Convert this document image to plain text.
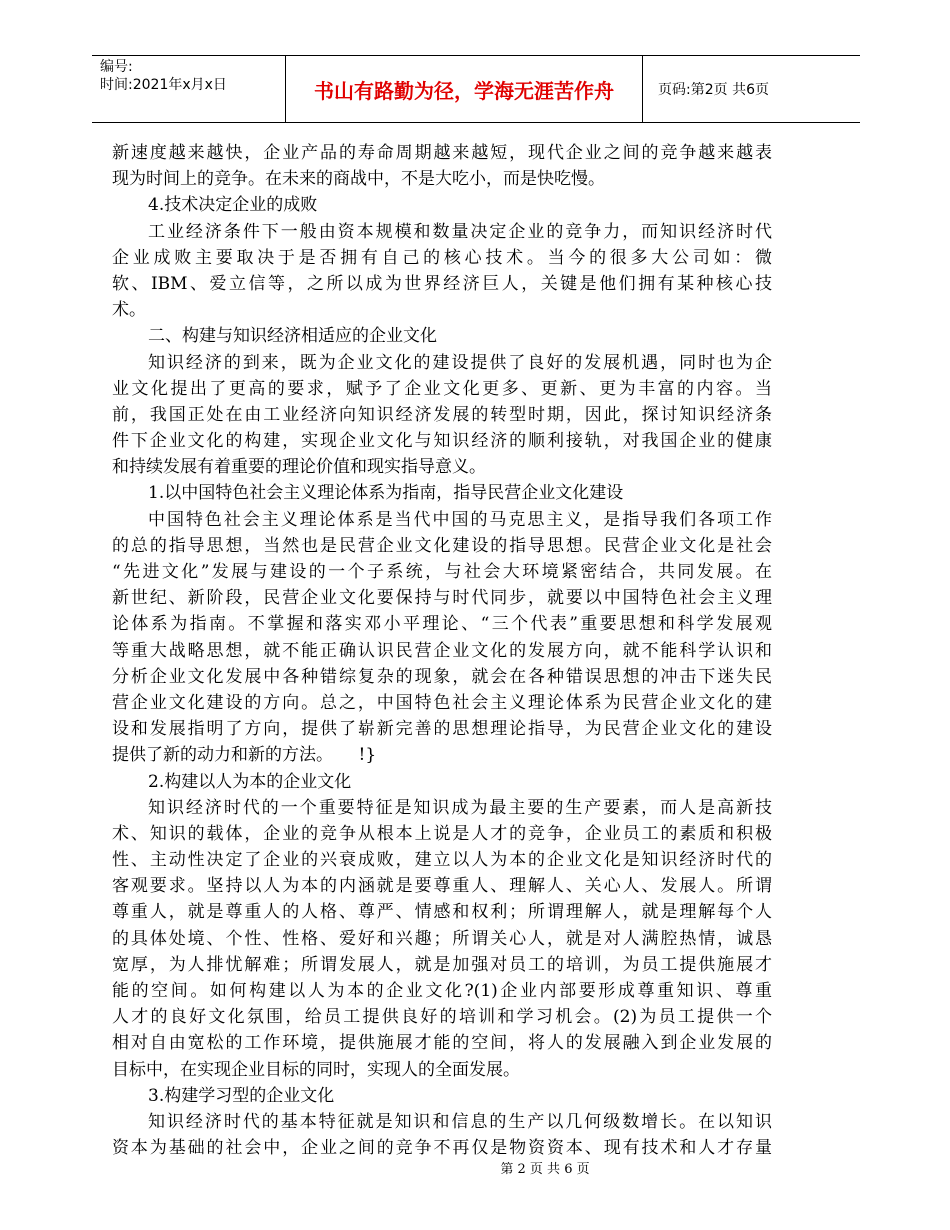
编号:
时间:2021年x月x日	书山有路勤为径，学海无涯苦作舟	页码:第2页 共6页
新速度越来越快，企业产品的寿命周期越来越短，现代企业之间的竞争越来越表
现为时间上的竞争。在未来的商战中，不是大吃小，而是快吃慢。
4.技术决定企业的成败
工业经济条件下一般由资本规模和数量决定企业的竞争力，而知识经济时代
企业成败主要取决于是否拥有自己的核心技术。当今的很多大公司如：微
软、IBM、爱立信等，之所以成为世界经济巨人，关键是他们拥有某种核心技
术。
二、构建与知识经济相适应的企业文化
知识经济的到来，既为企业文化的建设提供了良好的发展机遇，同时也为企
业文化提出了更高的要求，赋予了企业文化更多、更新、更为丰富的内容。当
前，我国正处在由工业经济向知识经济发展的转型时期，因此，探讨知识经济条
件下企业文化的构建，实现企业文化与知识经济的顺利接轨，对我国企业的健康
和持续发展有着重要的理论价值和现实指导意义。
1.以中国特色社会主义理论体系为指南，指导民营企业文化建设
中国特色社会主义理论体系是当代中国的马克思主义，是指导我们各项工作
的总的指导思想，当然也是民营企业文化建设的指导思想。民营企业文化是社会
“先进文化”发展与建设的一个子系统，与社会大环境紧密结合，共同发展。在
新世纪、新阶段，民营企业文化要保持与时代同步，就要以中国特色社会主义理
论体系为指南。不掌握和落实邓小平理论、“三个代表”重要思想和科学发展观
等重大战略思想，就不能正确认识民营企业文化的发展方向，就不能科学认识和
分析企业文化发展中各种错综复杂的现象，就会在各种错误思想的冲击下迷失民
营企业文化建设的方向。总之，中国特色社会主义理论体系为民营企业文化的建
设和发展指明了方向，提供了崭新完善的思想理论指导，为民营企业文化的建设
提供了新的动力和新的方法。　　!}
2.构建以人为本的企业文化
知识经济时代的一个重要特征是知识成为最主要的生产要素，而人是高新技
术、知识的载体，企业的竞争从根本上说是人才的竞争，企业员工的素质和积极
性、主动性决定了企业的兴衰成败，建立以人为本的企业文化是知识经济时代的
客观要求。坚持以人为本的内涵就是要尊重人、理解人、关心人、发展人。所谓
尊重人，就是尊重人的人格、尊严、情感和权利；所谓理解人，就是理解每个人
的具体处境、个性、性格、爱好和兴趣；所谓关心人，就是对人满腔热情，诚恳
宽厚，为人排忧解难；所谓发展人，就是加强对员工的培训，为员工提供施展才
能的空间。如何构建以人为本的企业文化?(1)企业内部要形成尊重知识、尊重
人才的良好文化氛围，给员工提供良好的培训和学习机会。(2)为员工提供一个
相对自由宽松的工作环境，提供施展才能的空间，将人的发展融入到企业发展的
目标中，在实现企业目标的同时，实现人的全面发展。
3.构建学习型的企业文化
知识经济时代的基本特征就是知识和信息的生产以几何级数增长。在以知识
资本为基础的社会中，企业之间的竞争不再仅是物资资本、现有技术和人才存量
第 2 页 共 6 页
